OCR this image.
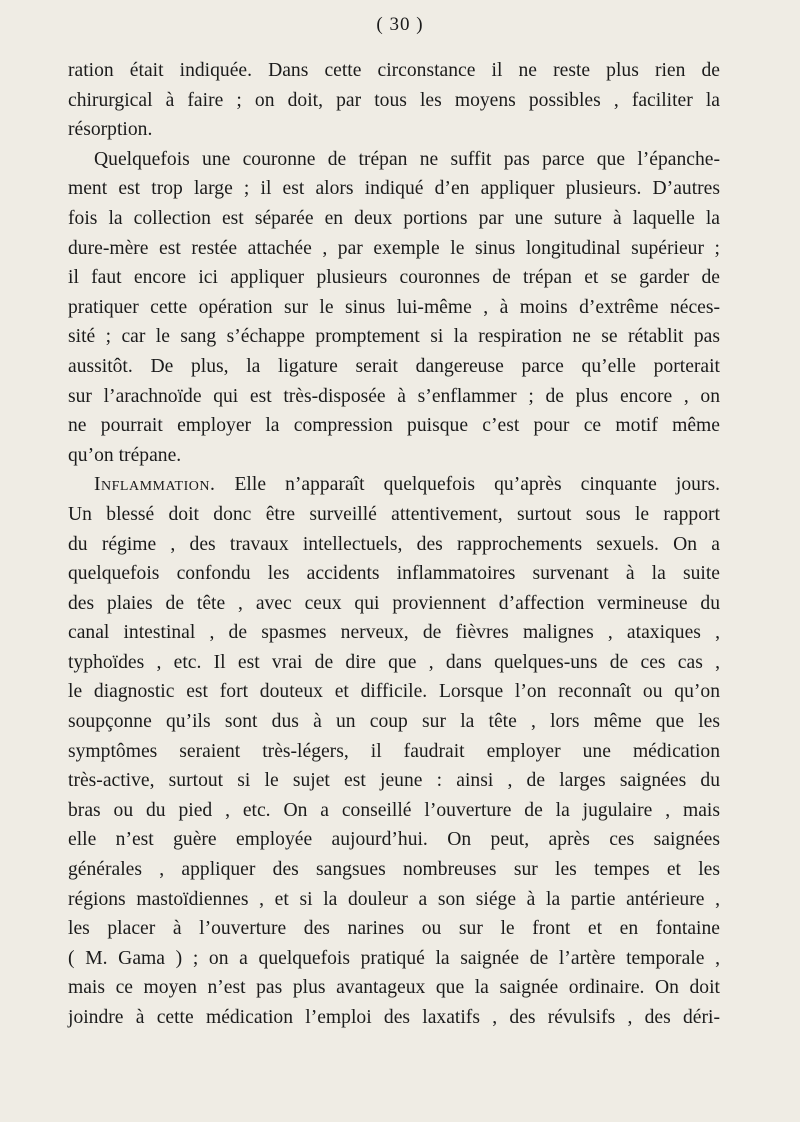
( 30 )
ration était indiquée. Dans cette circonstance il ne reste plus rien de
chirurgical à faire ; on doit, par tous les moyens possibles , faciliter la
résorption.
Quelquefois une couronne de trépan ne suffit pas parce que l’épanche-
ment est trop large ; il est alors indiqué d’en appliquer plusieurs. D’autres
fois la collection est séparée en deux portions par une suture à laquelle la
dure-mère est restée attachée , par exemple le sinus longitudinal supérieur ;
il faut encore ici appliquer plusieurs couronnes de trépan et se garder de
pratiquer cette opération sur le sinus lui-même , à moins d’extrême néces-
sité ; car le sang s’échappe promptement si la respiration ne se rétablit pas
aussitôt. De plus, la ligature serait dangereuse parce qu’elle porterait
sur l’arachnoïde qui est très-disposée à s’enflammer ; de plus encore , on
ne pourrait employer la compression puisque c’est pour ce motif même
qu’on trépane.
Inflammation. Elle n’apparaît quelquefois qu’après cinquante jours.
Un blessé doit donc être surveillé attentivement, surtout sous le rapport
du régime , des travaux intellectuels, des rapprochements sexuels. On a
quelquefois confondu les accidents inflammatoires survenant à la suite
des plaies de tête , avec ceux qui proviennent d’affection vermineuse du
canal intestinal , de spasmes nerveux, de fièvres malignes , ataxiques ,
typhoïdes , etc. Il est vrai de dire que , dans quelques-uns de ces cas ,
le diagnostic est fort douteux et difficile. Lorsque l’on reconnaît ou qu’on
soupçonne qu’ils sont dus à un coup sur la tête , lors même que les
symptômes seraient très-légers, il faudrait employer une médication
très-active, surtout si le sujet est jeune : ainsi , de larges saignées du
bras ou du pied , etc. On a conseillé l’ouverture de la jugulaire , mais
elle n’est guère employée aujourd’hui. On peut, après ces saignées
générales , appliquer des sangsues nombreuses sur les tempes et les
régions mastoïdiennes , et si la douleur a son siége à la partie antérieure ,
les placer à l’ouverture des narines ou sur le front et en fontaine
( M. Gama ) ; on a quelquefois pratiqué la saignée de l’artère temporale ,
mais ce moyen n’est pas plus avantageux que la saignée ordinaire. On doit
joindre à cette médication l’emploi des laxatifs , des révulsifs , des déri-
